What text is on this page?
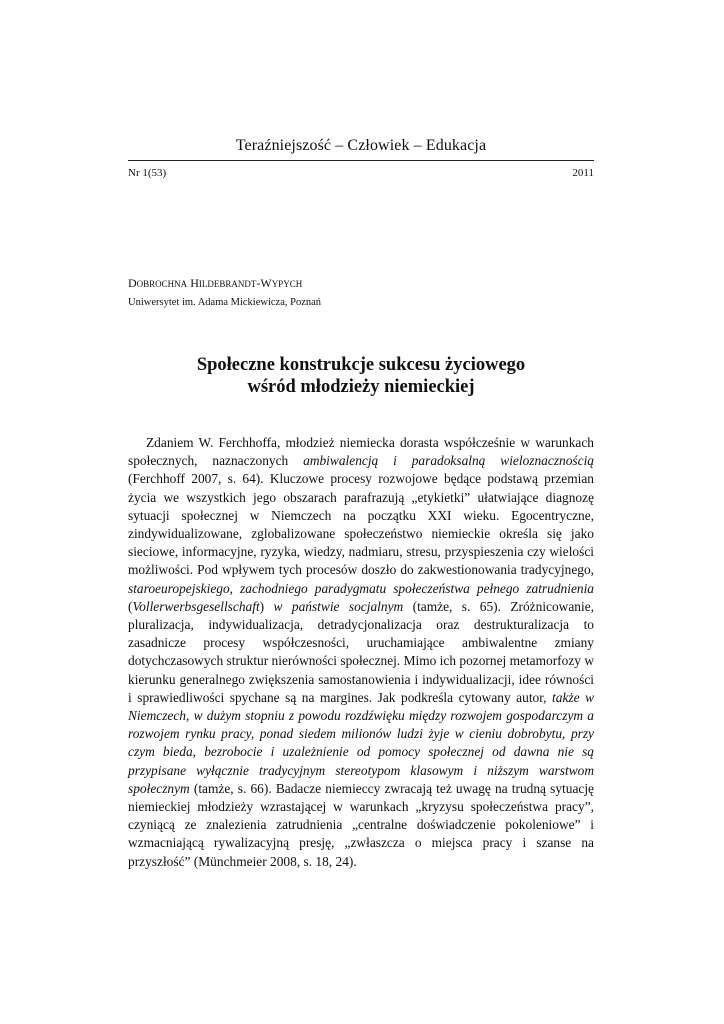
Teraźniejszość – Człowiek – Edukacja
Nr 1(53)	2011
DOBROCHNA HILDEBRANDT-WYPYCH
Uniwersytet im. Adama Mickiewicza, Poznań
Społeczne konstrukcje sukcesu życiowego
wśród młodzieży niemieckiej

Zdaniem W. Ferchhoffa, młodzież niemiecka dorasta współcześnie w warunkach społecznych, naznaczonych ambiwalencją i paradoksalną wieloznacznością (Ferchhoff 2007, s. 64). Kluczowe procesy rozwojowe będące podstawą przemian życia we wszystkich jego obszarach parafrazują „etykietki” ułatwiające diagnozę sytuacji społecznej w Niemczech na początku XXI wieku. Egocentryczne, zindywidualizowane, zglobalizowane społeczeństwo niemieckie określa się jako sieciowe, informacyjne, ryzyka, wiedzy, nadmiaru, stresu, przyspieszenia czy wielości możliwości. Pod wpływem tych procesów doszło do zakwestionowania tradycyjnego, staroeuropejskiego, zachodniego paradygmatu społeczeństwa pełnego zatrudnienia (Vollerwerbsgesellschaft) w państwie socjalnym (tamże, s. 65). Zróżnicowanie, pluralizacja, indywidualizacja, detradycjonalizacja oraz destrukturalizacja to zasadnicze procesy współczesności, uruchamiające ambiwalentne zmiany dotychczasowych struktur nierówności społecznej. Mimo ich pozornej metamorfozy w kierunku generalnego zwiększenia samostanowienia i indywidualizacji, idee równości i sprawiedliwości spychane są na margines. Jak podkreśla cytowany autor, także w Niemczech, w dużym stopniu z powodu rozdźwięku między rozwojem gospodarczym a rozwojem rynku pracy, ponad siedem milionów ludzi żyje w cieniu dobrobytu, przy czym bieda, bezrobocie i uzależnienie od pomocy społecznej od dawna nie są przypisane wyłącznie tradycyjnym stereotypom klasowym i niższym warstwom społecznym (tamże, s. 66). Badacze niemieccy zwracają też uwagę na trudną sytuację niemieckiej młodzieży wzrastającej w warunkach „kryzysu społeczeństwa pracy”, czyniącą ze znalezienia zatrudnienia „centralne doświadczenie pokoleniowe” i wzmacniającą rywalizacyjną presję, „zwłaszcza o miejsca pracy i szanse na przyszłość” (Münchmeier 2008, s. 18, 24).
